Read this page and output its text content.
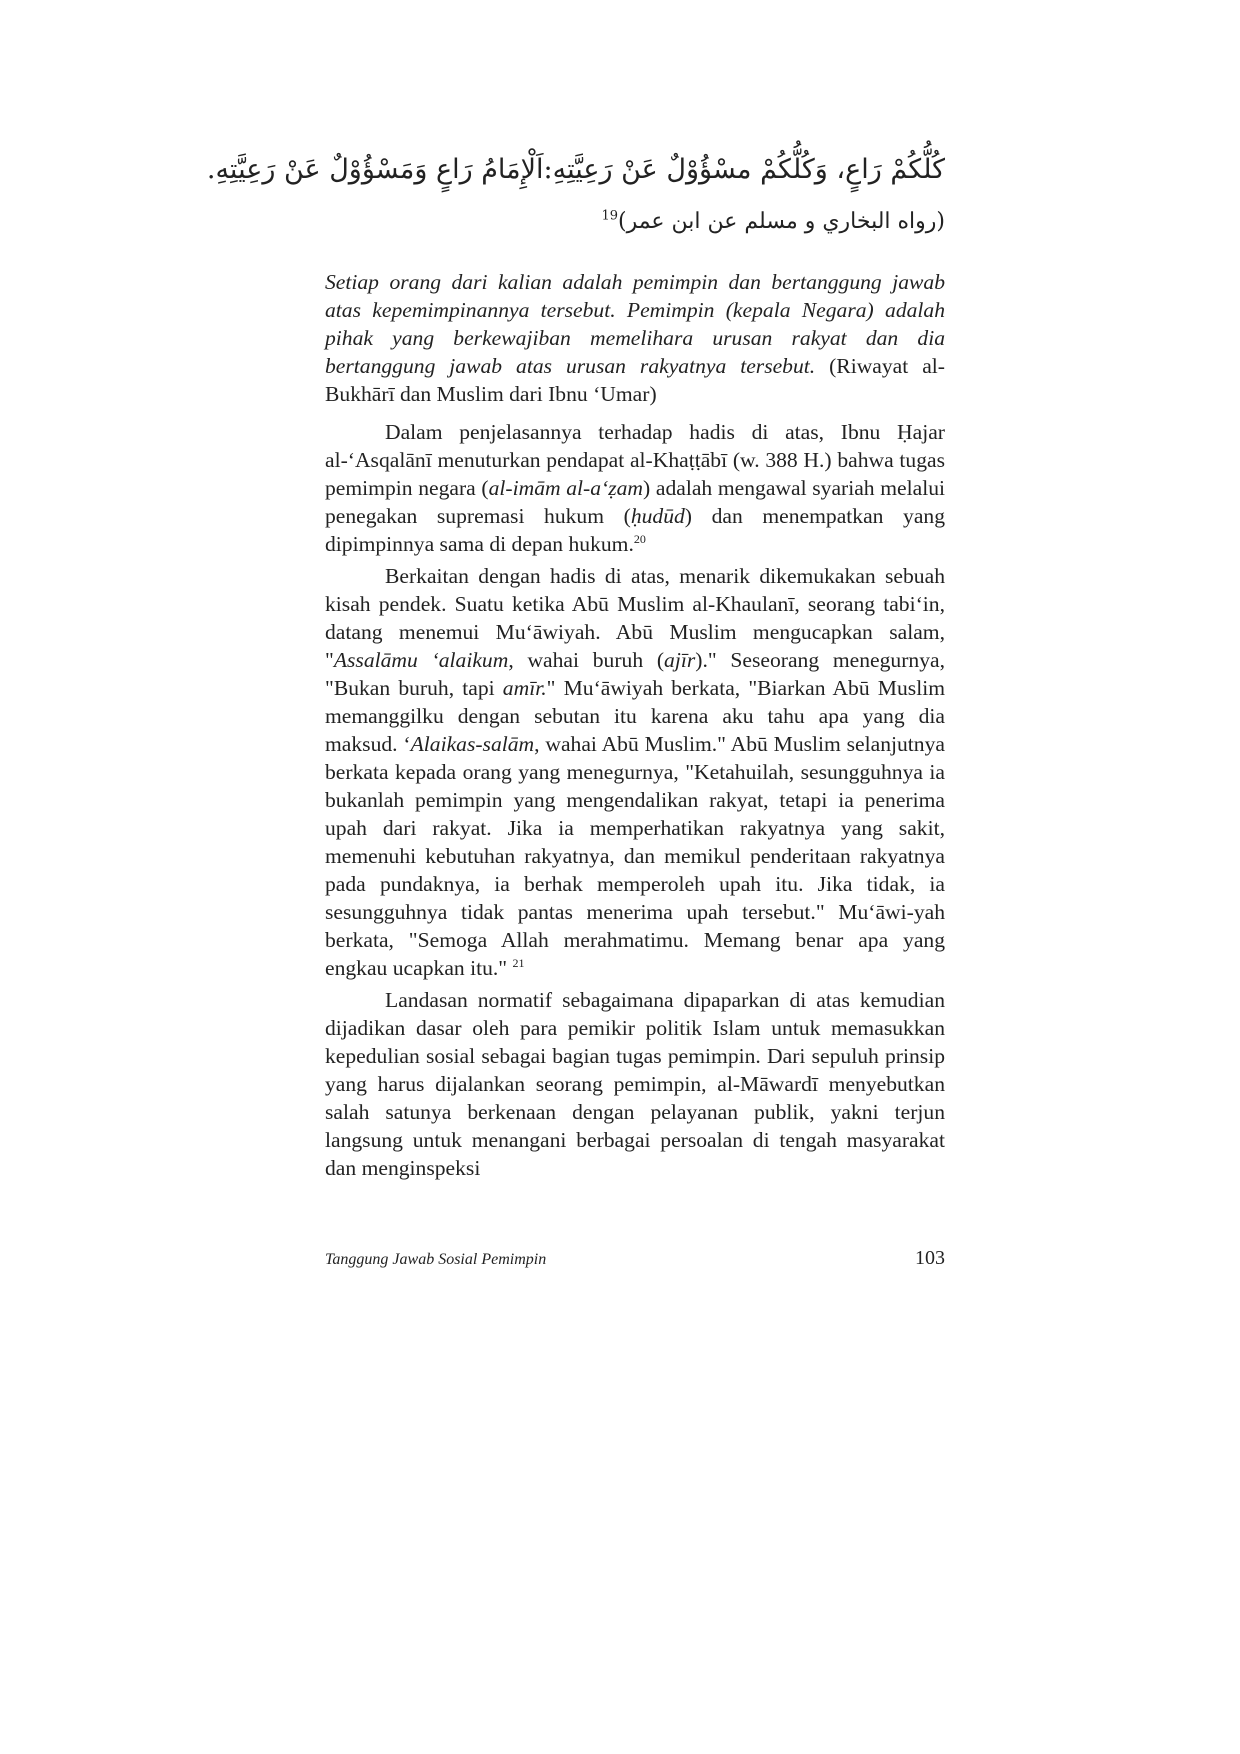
كُلُّكُمْ رَاعٍ، وَكُلُّكُمْ مسْؤُوْلٌ عَنْ رَعِيَّتِهِ:اَلْإِمَامُ رَاعٍ وَمَسْؤُوْلٌ عَنْ رَعِيَّتِهِ.
(رواه البخاري و مسلم عن ابن عمر)$^{19}$
Setiap orang dari kalian adalah pemimpin dan bertanggung jawab atas kepemimpinannya tersebut. Pemimpin (kepala Negara) adalah pihak yang berkewajiban memelihara urusan rakyat dan dia bertanggung jawab atas urusan rakyatnya tersebut. (Riwayat al-Bukhārī dan Muslim dari Ibnu ‘Umar)

Dalam penjelasannya terhadap hadis di atas, Ibnu Ḥajar al-‘Asqalānī menuturkan pendapat al-Khaṭṭābī (w. 388 H.) bahwa tugas pemimpin negara (al-imām al-a‘ẓam) adalah mengawal syariah melalui penegakan supremasi hukum (ḥudūd) dan menempatkan yang dipimpinnya sama di depan hukum.$^{20}$

Berkaitan dengan hadis di atas, menarik dikemukakan sebuah kisah pendek. Suatu ketika Abū Muslim al-Khaulanī, seorang tabi‘in, datang menemui Mu‘āwiyah. Abū Muslim mengucapkan salam, "Assalāmu ‘alaikum, wahai buruh (ajīr)." Seseorang menegurnya, "Bukan buruh, tapi amīr." Mu‘āwiyah berkata, "Biarkan Abū Muslim memanggilku dengan sebutan itu karena aku tahu apa yang dia maksud. ‘Alaikas-salām, wahai Abū Muslim." Abū Muslim selanjutnya berkata kepada orang yang menegurnya, "Ketahuilah, sesungguhnya ia bukanlah pemimpin yang mengendalikan rakyat, tetapi ia penerima upah dari rakyat. Jika ia memperhatikan rakyatnya yang sakit, memenuhi kebutuhan rakyatnya, dan memikul penderitaan rakyatnya pada pundaknya, ia berhak memperoleh upah itu. Jika tidak, ia sesungguhnya tidak pantas menerima upah tersebut." Mu‘āwi-yah berkata, "Semoga Allah merahmatimu. Memang benar apa yang engkau ucapkan itu." $^{21}$

Landasan normatif sebagaimana dipaparkan di atas kemudian dijadikan dasar oleh para pemikir politik Islam untuk memasukkan kepedulian sosial sebagai bagian tugas pemimpin. Dari sepuluh prinsip yang harus dijalankan seorang pemimpin, al-Māwardī menyebutkan salah satunya berkenaan dengan pelayanan publik, yakni terjun langsung untuk menangani berbagai persoalan di tengah masyarakat dan menginspeksi

Tanggung Jawab Sosial Pemimpin	103
